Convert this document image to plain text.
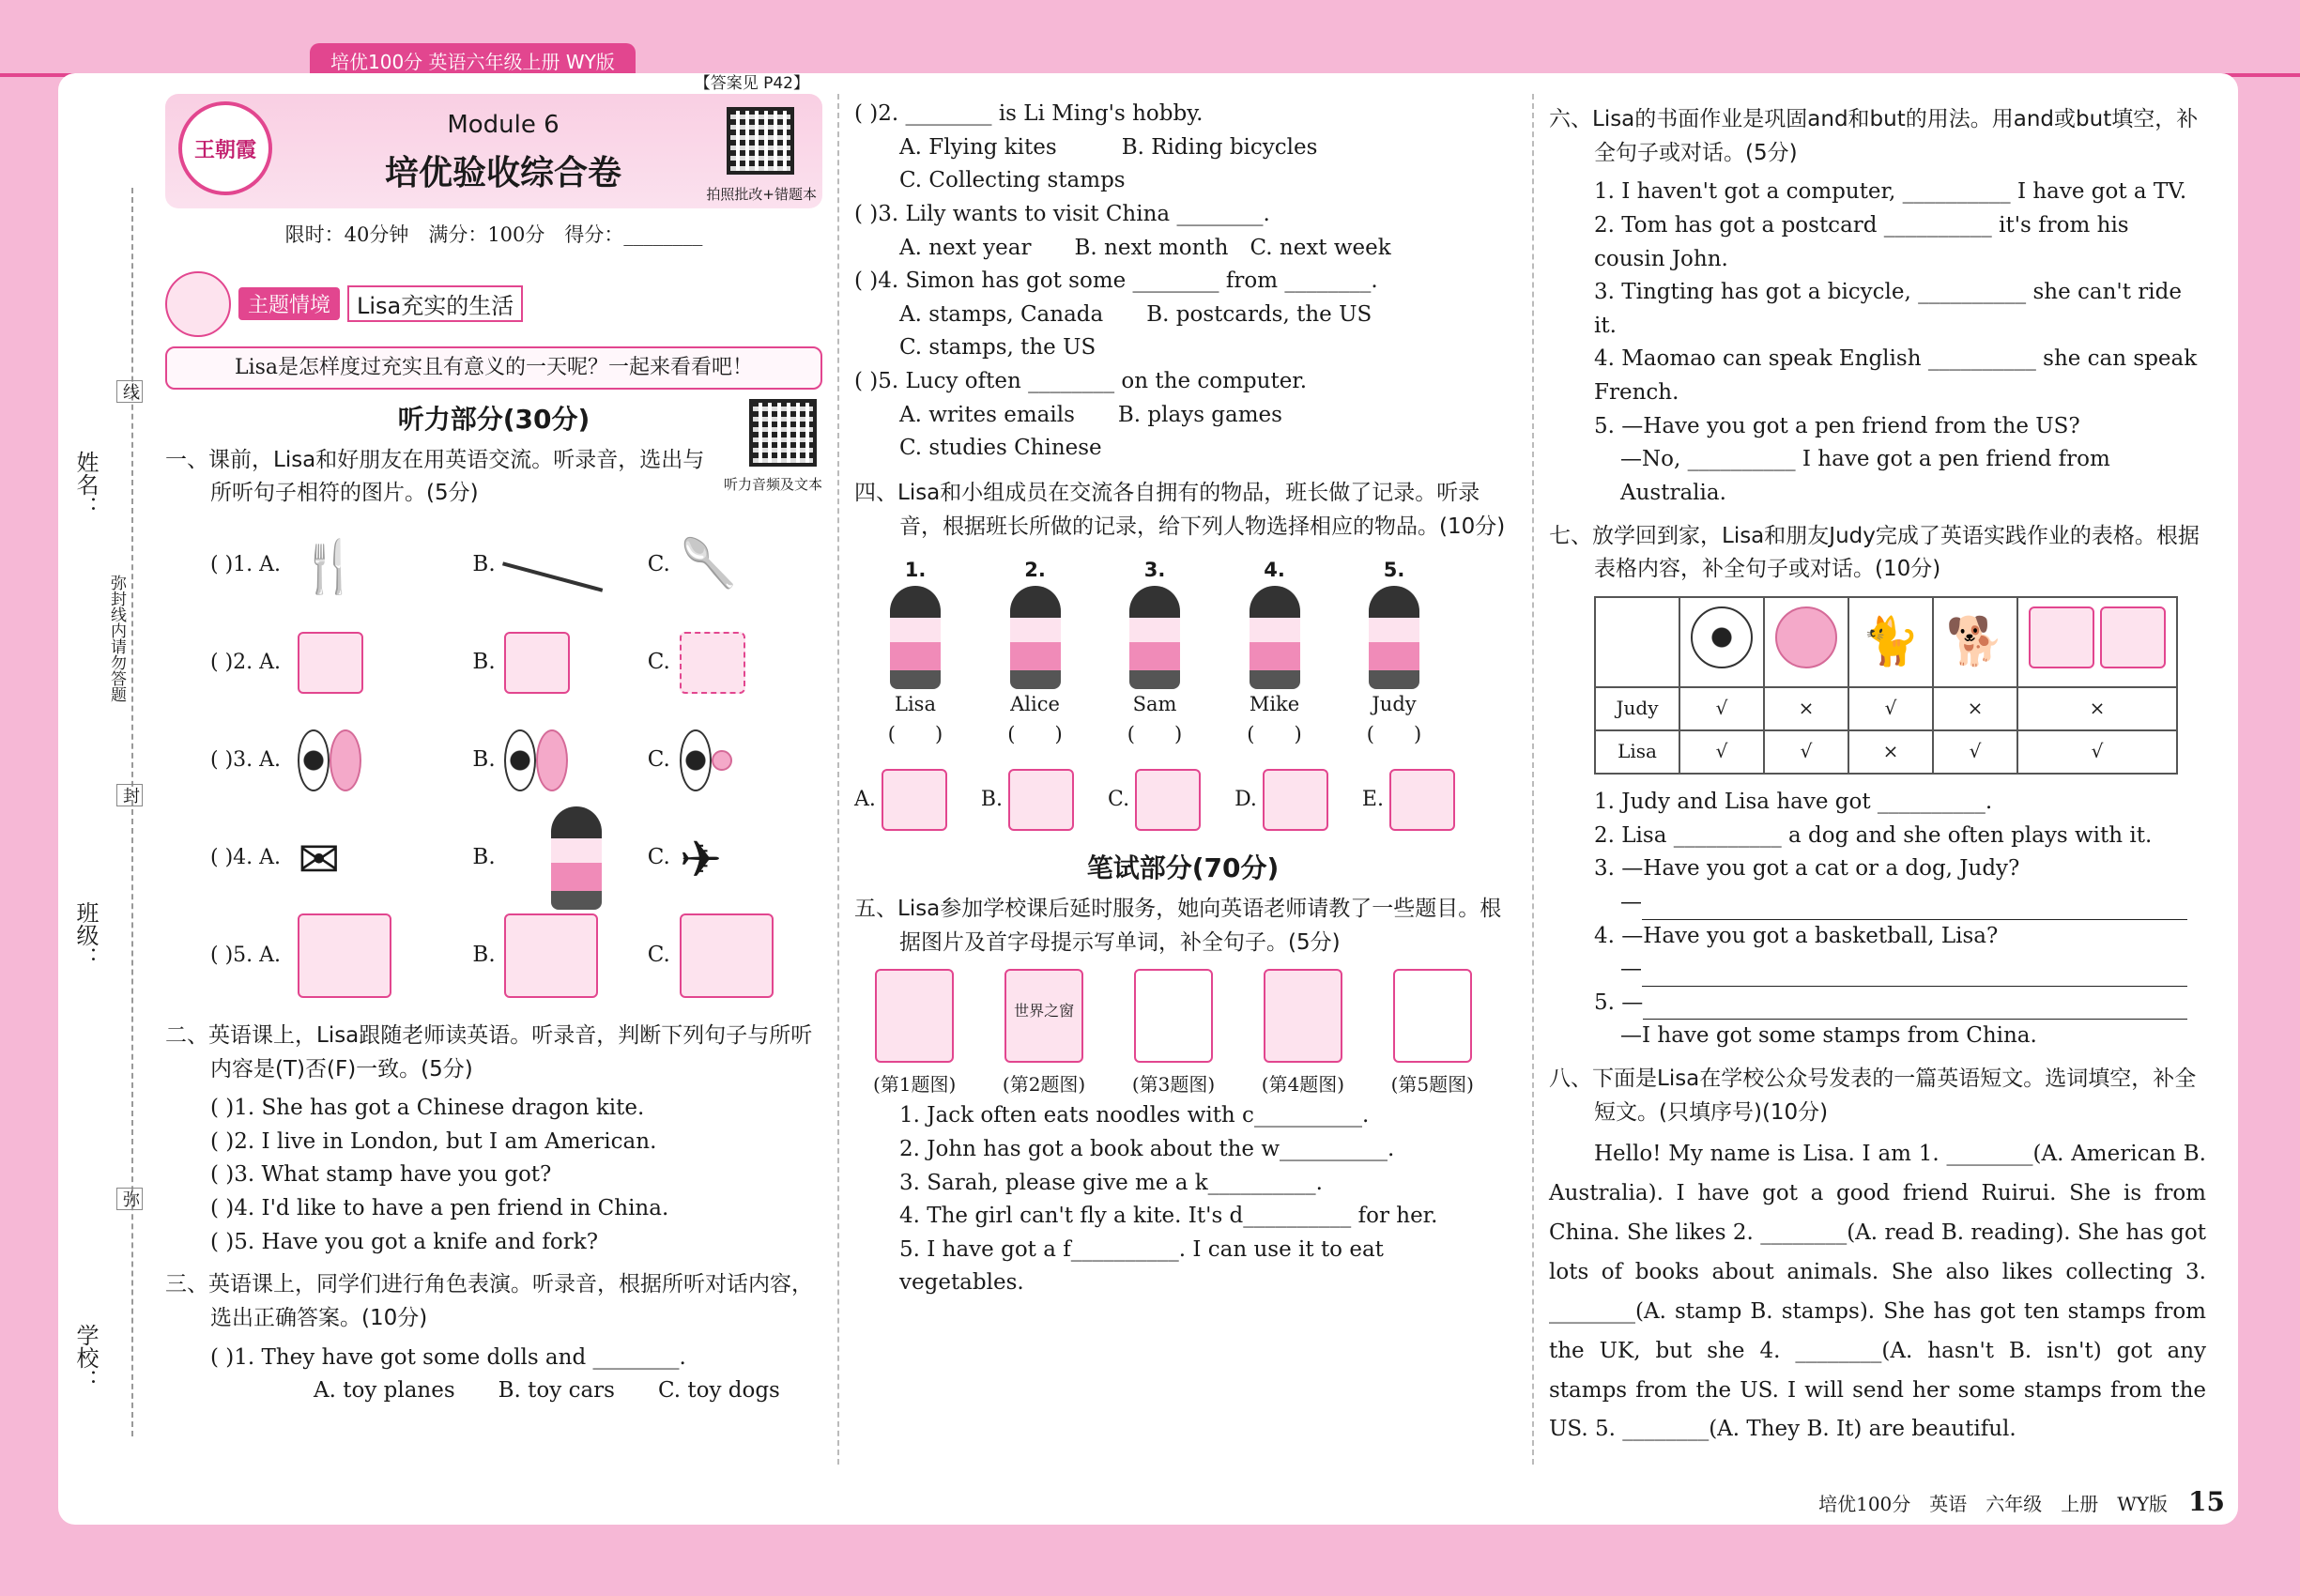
培优100分 英语六年级上册 WY版
姓名：
班级：
学校：
弥封线内请勿答题
线
封
弥
【答案见 P42】
王朝霞
Module 6
培优验收综合卷
拍照批改+错题本
限时：40分钟　满分：100分　得分：________
主题情境	Lisa充实的生活
Lisa是怎样度过充实且有意义的一天呢？一起来看看吧！
听力部分(30分)
听力音频及文本
一、课前，Lisa和好朋友在用英语交流。听录音，选出与所听句子相符的图片。(5分)
( )1. A. 🍴	B.	C. 🥄
( )2. A.	B.	C.
( )3. A.	B.	C.
( )4. A. ✉	B.	C. ✈
( )5. A.	B.	C.
二、英语课上，Lisa跟随老师读英语。听录音，判断下列句子与所听内容是(T)否(F)一致。(5分)
( )1. She has got a Chinese dragon kite.
( )2. I live in London, but I am American.
( )3. What stamp have you got?
( )4. I'd like to have a pen friend in China.
( )5. Have you got a knife and fork?
三、英语课上，同学们进行角色表演。听录音，根据所听对话内容，选出正确答案。(10分)
( )1. They have got some dolls and ________.
A. toy planes　　B. toy cars　　C. toy dogs
( )2. ________ is Li Ming's hobby.
A. Flying kites　　　B. Riding bicycles
C. Collecting stamps
( )3. Lily wants to visit China ________.
A. next year　　B. next month　C. next week
( )4. Simon has got some ________ from ________.
A. stamps, Canada　　B. postcards, the US
C. stamps, the US
( )5. Lucy often ________ on the computer.
A. writes emails　　B. plays games
C. studies Chinese
四、Lisa和小组成员在交流各自拥有的物品，班长做了记录。听录音，根据班长所做的记录，给下列人物选择相应的物品。(10分)
1.
Lisa
(　　)
2.
Alice
(　　)
3.
Sam
(　　)
4.
Mike
(　　)
5.
Judy
(　　)
A.	B.	C.	D.	E.
笔试部分(70分)
五、Lisa参加学校课后延时服务，她向英语老师请教了一些题目。根据图片及首字母提示写单词，补全句子。(5分)
(第1题图)
世界之窗
(第2题图) (第3题图) (第4题图) (第5题图)
1. Jack often eats noodles with c__________.
2. John has got a book about the w__________.
3. Sarah, please give me a k__________.
4. The girl can't fly a kite. It's d__________ for her.
5. I have got a f__________. I can use it to eat vegetables.
六、Lisa的书面作业是巩固and和but的用法。用and或but填空，补全句子或对话。(5分)
1. I haven't got a computer, __________ I have got a TV.
2. Tom has got a postcard __________ it's from his cousin John.
3. Tingting has got a bicycle, __________ she can't ride it.
4. Maomao can speak English __________ she can speak French.
5. —Have you got a pen friend from the US?
—No, __________ I have got a pen friend from Australia.
七、放学回到家，Lisa和朋友Judy完成了英语实践作业的表格。根据表格内容，补全句子或对话。(10分)
			🐈	🐕	
Judy	√	×	√	×	×
Lisa	√	√	×	√	√
1. Judy and Lisa have got __________.
2. Lisa __________ a dog and she often plays with it.
3. —Have you got a cat or a dog, Judy?
—
4. —Have you got a basketball, Lisa?
—
5. —
—I have got some stamps from China.
八、下面是Lisa在学校公众号发表的一篇英语短文。选词填空，补全短文。(只填序号)(10分)
Hello! My name is Lisa. I am 1. ________(A. American B. Australia). I have got a good friend Ruirui. She is from China. She likes 2. ________(A. read B. reading). She has got lots of books about animals. She also likes collecting 3. ________(A. stamp B. stamps). She has got ten stamps from the UK, but she 4. ________(A. hasn't B. isn't) got any stamps from the US. I will send her some stamps from the US. 5. ________(A. They B. It) are beautiful.
培优100分　英语　六年级　上册　WY版 15
